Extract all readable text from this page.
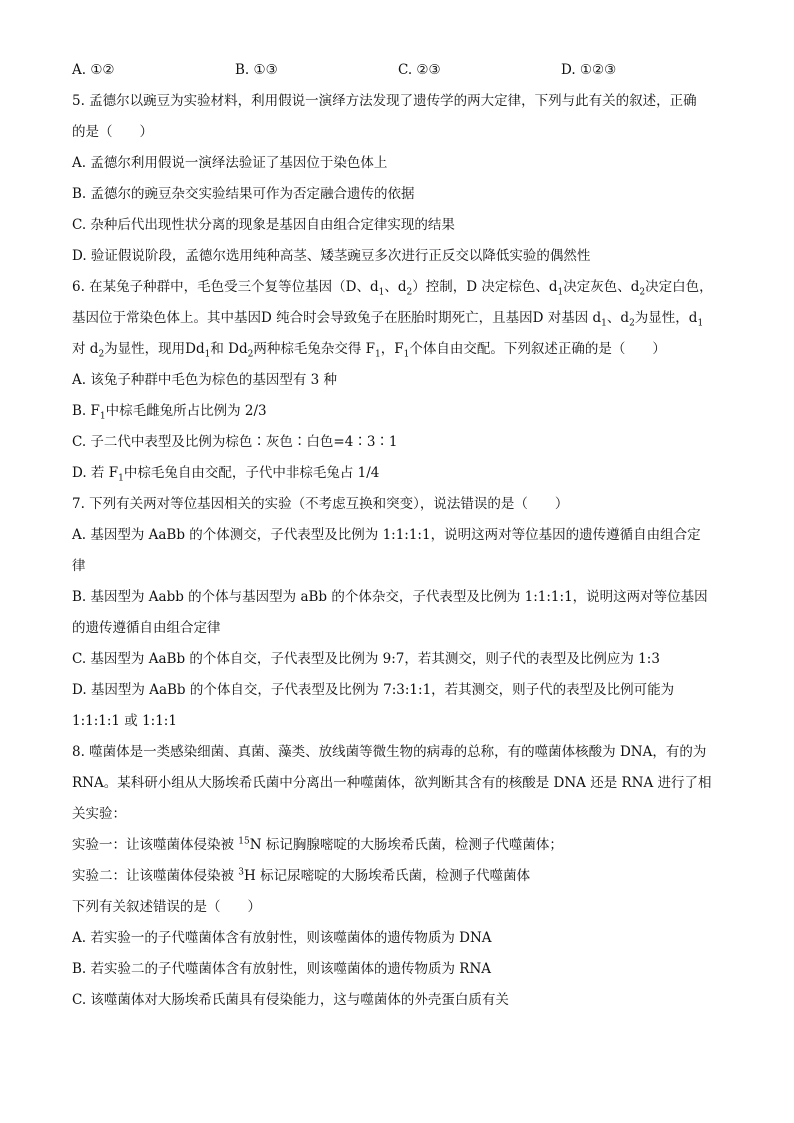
A. ①②	B. ①③	C. ②③	D. ①②③
5. 孟德尔以豌豆为实验材料，利用假说一演绎方法发现了遗传学的两大定律，下列与此有关的叙述，正确
的是（　　）
A. 孟德尔利用假说一演绎法验证了基因位于染色体上
B. 孟德尔的豌豆杂交实验结果可作为否定融合遗传的依据
C. 杂种后代出现性状分离的现象是基因自由组合定律实现的结果
D. 验证假说阶段，孟德尔选用纯种高茎、矮茎豌豆多次进行正反交以降低实验的偶然性
6. 在某兔子种群中，毛色受三个复等位基因（D、$d_1$、$d_2$）控制，D 决定棕色、$d_1$决定灰色、$d_2$决定白色，
基因位于常染色体上。其中基因D 纯合时会导致兔子在胚胎时期死亡，且基因D 对基因 $d_1$、$d_2$为显性，$d_1$
对 $d_2$为显性，现用$Dd_1$和 $Dd_2$两种棕毛兔杂交得 $F_1$，$F_1$个体自由交配。下列叙述正确的是（　　）
A. 该兔子种群中毛色为棕色的基因型有 3 种
B. $F_1$中棕毛雌兔所占比例为 2/3
C. 子二代中表型及比例为棕色∶灰色∶白色=4∶3∶1
D. 若 $F_1$中棕毛兔自由交配，子代中非棕毛兔占 1/4
7. 下列有关两对等位基因相关的实验（不考虑互换和突变），说法错误的是（　　）
A. 基因型为 AaBb 的个体测交，子代表型及比例为 1:1:1:1，说明这两对等位基因的遗传遵循自由组合定
律
B. 基因型为 Aabb 的个体与基因型为 aBb 的个体杂交，子代表型及比例为 1:1:1:1，说明这两对等位基因
的遗传遵循自由组合定律
C. 基因型为 AaBb 的个体自交，子代表型及比例为 9:7，若其测交，则子代的表型及比例应为 1:3
D. 基因型为 AaBb 的个体自交，子代表型及比例为 7:3:1:1，若其测交，则子代的表型及比例可能为
1:1:1:1 或 1:1:1
8. 噬菌体是一类感染细菌、真菌、藻类、放线菌等微生物的病毒的总称，有的噬菌体核酸为 DNA，有的为
RNA。某科研小组从大肠埃希氏菌中分离出一种噬菌体，欲判断其含有的核酸是 DNA 还是 RNA 进行了相
关实验：
实验一：让该噬菌体侵染被 $^{15}$N 标记胸腺嘧啶的大肠埃希氏菌，检测子代噬菌体；
实验二：让该噬菌体侵染被 $^3$H 标记尿嘧啶的大肠埃希氏菌，检测子代噬菌体
下列有关叙述错误的是（　　）
A. 若实验一的子代噬菌体含有放射性，则该噬菌体的遗传物质为 DNA
B. 若实验二的子代噬菌体含有放射性，则该噬菌体的遗传物质为 RNA
C. 该噬菌体对大肠埃希氏菌具有侵染能力，这与噬菌体的外壳蛋白质有关
